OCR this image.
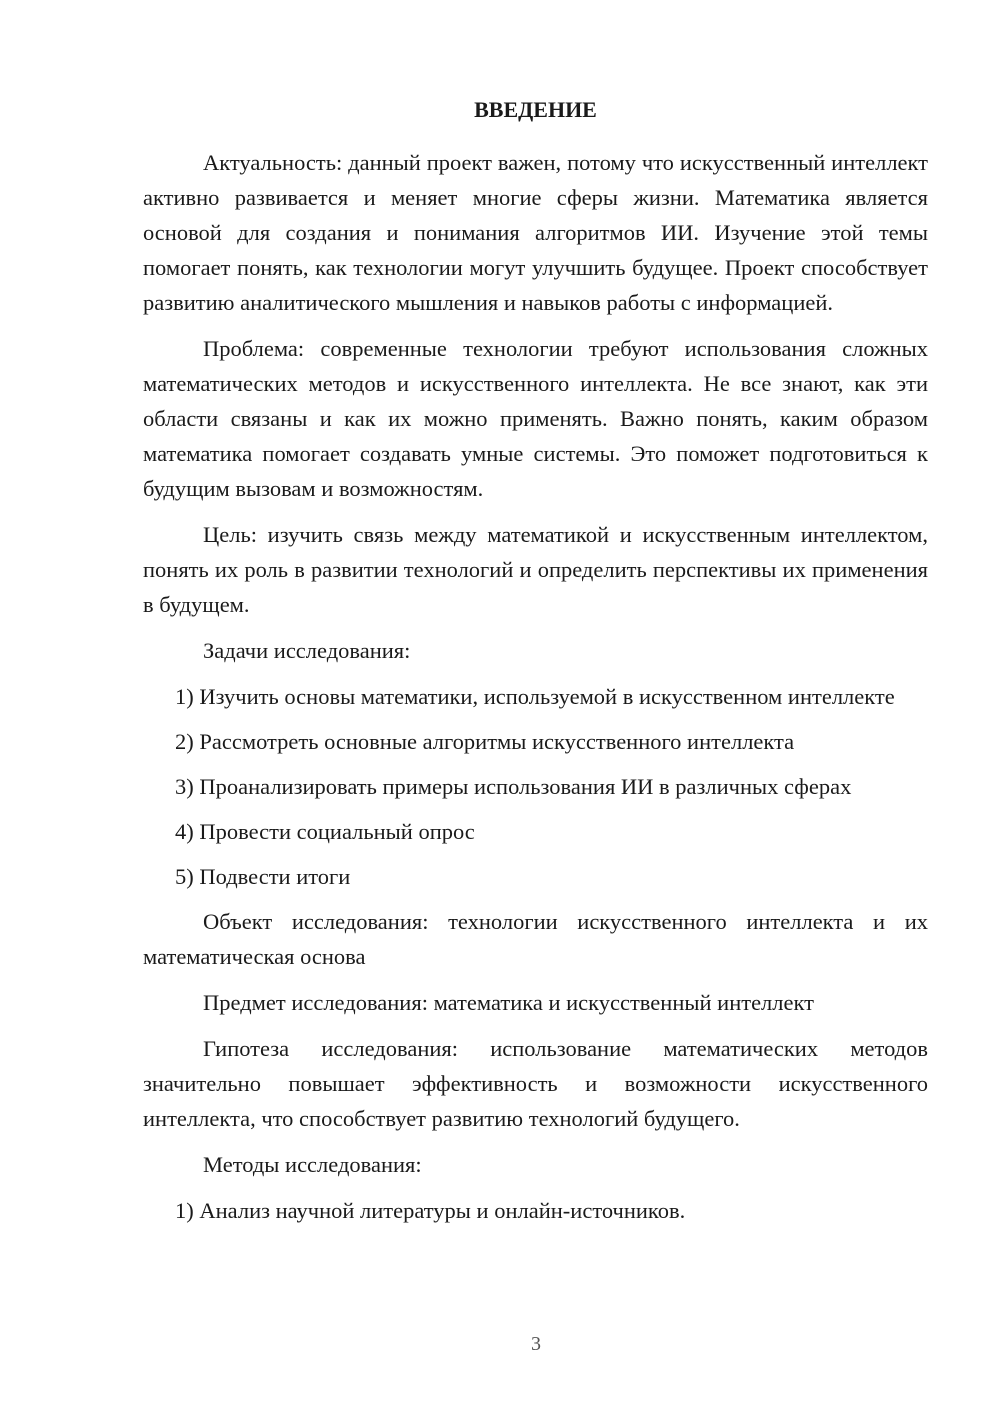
ВВЕДЕНИЕ

Актуальность: данный проект важен, потому что искусственный интеллект активно развивается и меняет многие сферы жизни. Математика является основой для создания и понимания алгоритмов ИИ. Изучение этой темы помогает понять, как технологии могут улучшить будущее. Проект способствует развитию аналитического мышления и навыков работы с информацией.

Проблема: современные технологии требуют использования сложных математических методов и искусственного интеллекта. Не все знают, как эти области связаны и как их можно применять. Важно понять, каким образом математика помогает создавать умные системы. Это поможет подготовиться к будущим вызовам и возможностям.

Цель: изучить связь между математикой и искусственным интеллектом, понять их роль в развитии технологий и определить перспективы их применения в будущем.

Задачи исследования:

1) Изучить основы математики, используемой в искусственном интеллекте

2) Рассмотреть основные алгоритмы искусственного интеллекта

3) Проанализировать примеры использования ИИ в различных сферах

4) Провести социальный опрос

5) Подвести итоги

Объект исследования: технологии искусственного интеллекта и их математическая основа

Предмет исследования: математика и искусственный интеллект

Гипотеза исследования: использование математических методов значительно повышает эффективность и возможности искусственного интеллекта, что способствует развитию технологий будущего.

Методы исследования:

1) Анализ научной литературы и онлайн-источников.

3
